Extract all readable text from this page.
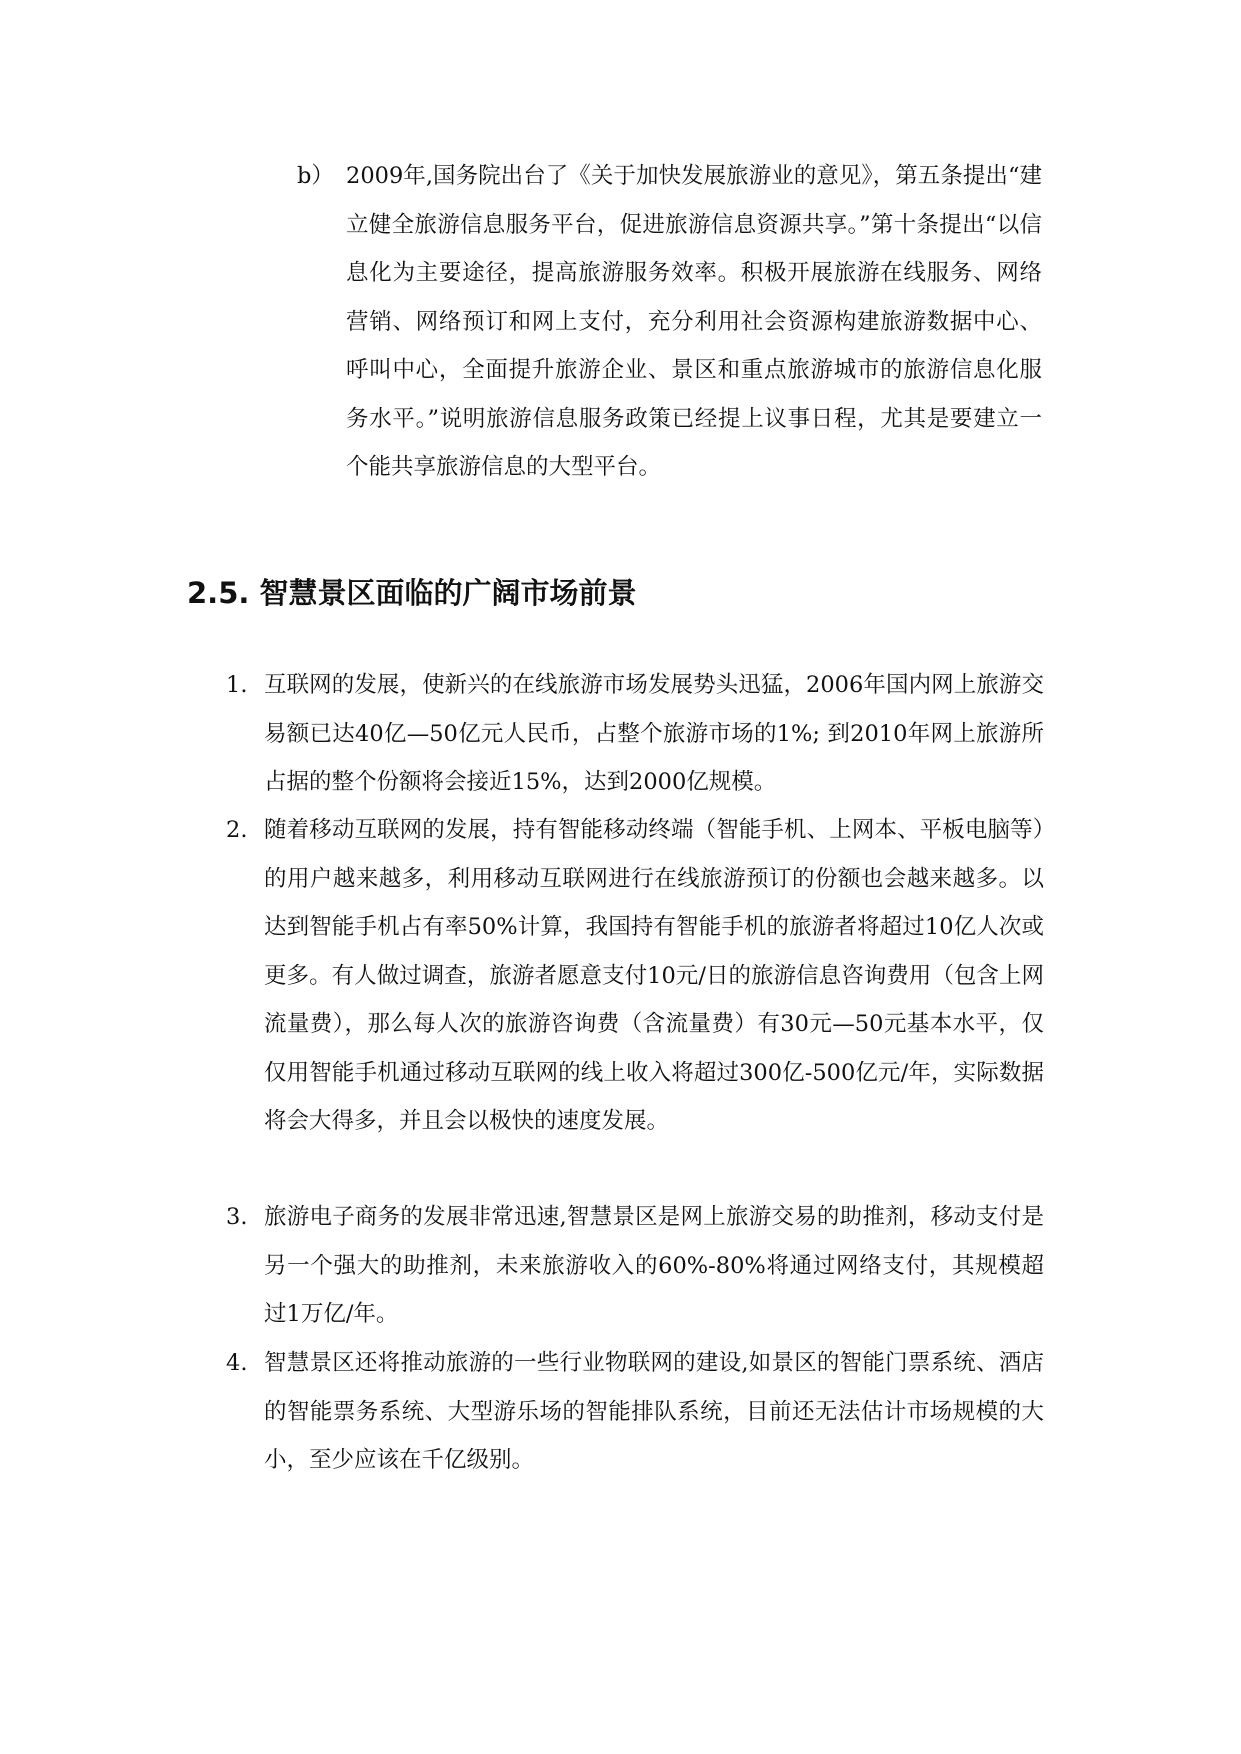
b） 2009年,国务院出台了《关于加快发展旅游业的意见》，第五条提出“建立健全旅游信息服务平台，促进旅游信息资源共享。”第十条提出“以信息化为主要途径，提高旅游服务效率。积极开展旅游在线服务、网络营销、网络预订和网上支付，充分利用社会资源构建旅游数据中心、呼叫中心，全面提升旅游企业、景区和重点旅游城市的旅游信息化服务水平。”说明旅游信息服务政策已经提上议事日程，尤其是要建立一个能共享旅游信息的大型平台。
2.5. 智慧景区面临的广阔市场前景
1. 互联网的发展，使新兴的在线旅游市场发展势头迅猛，2006年国内网上旅游交易额已达40亿—50亿元人民币，占整个旅游市场的1%; 到2010年网上旅游所占据的整个份额将会接近15%，达到2000亿规模。
2. 随着移动互联网的发展，持有智能移动终端（智能手机、上网本、平板电脑等）的用户越来越多，利用移动互联网进行在线旅游预订的份额也会越来越多。以达到智能手机占有率50%计算，我国持有智能手机的旅游者将超过10亿人次或更多。有人做过调查，旅游者愿意支付10元/日的旅游信息咨询费用（包含上网流量费），那么每人次的旅游咨询费（含流量费）有30元—50元基本水平，仅仅用智能手机通过移动互联网的线上收入将超过300亿-500亿元/年，实际数据将会大得多，并且会以极快的速度发展。
3. 旅游电子商务的发展非常迅速,智慧景区是网上旅游交易的助推剂，移动支付是另一个强大的助推剂，未来旅游收入的60%-80%将通过网络支付，其规模超过1万亿/年。
4. 智慧景区还将推动旅游的一些行业物联网的建设,如景区的智能门票系统、酒店的智能票务系统、大型游乐场的智能排队系统，目前还无法估计市场规模的大小，至少应该在千亿级别。
